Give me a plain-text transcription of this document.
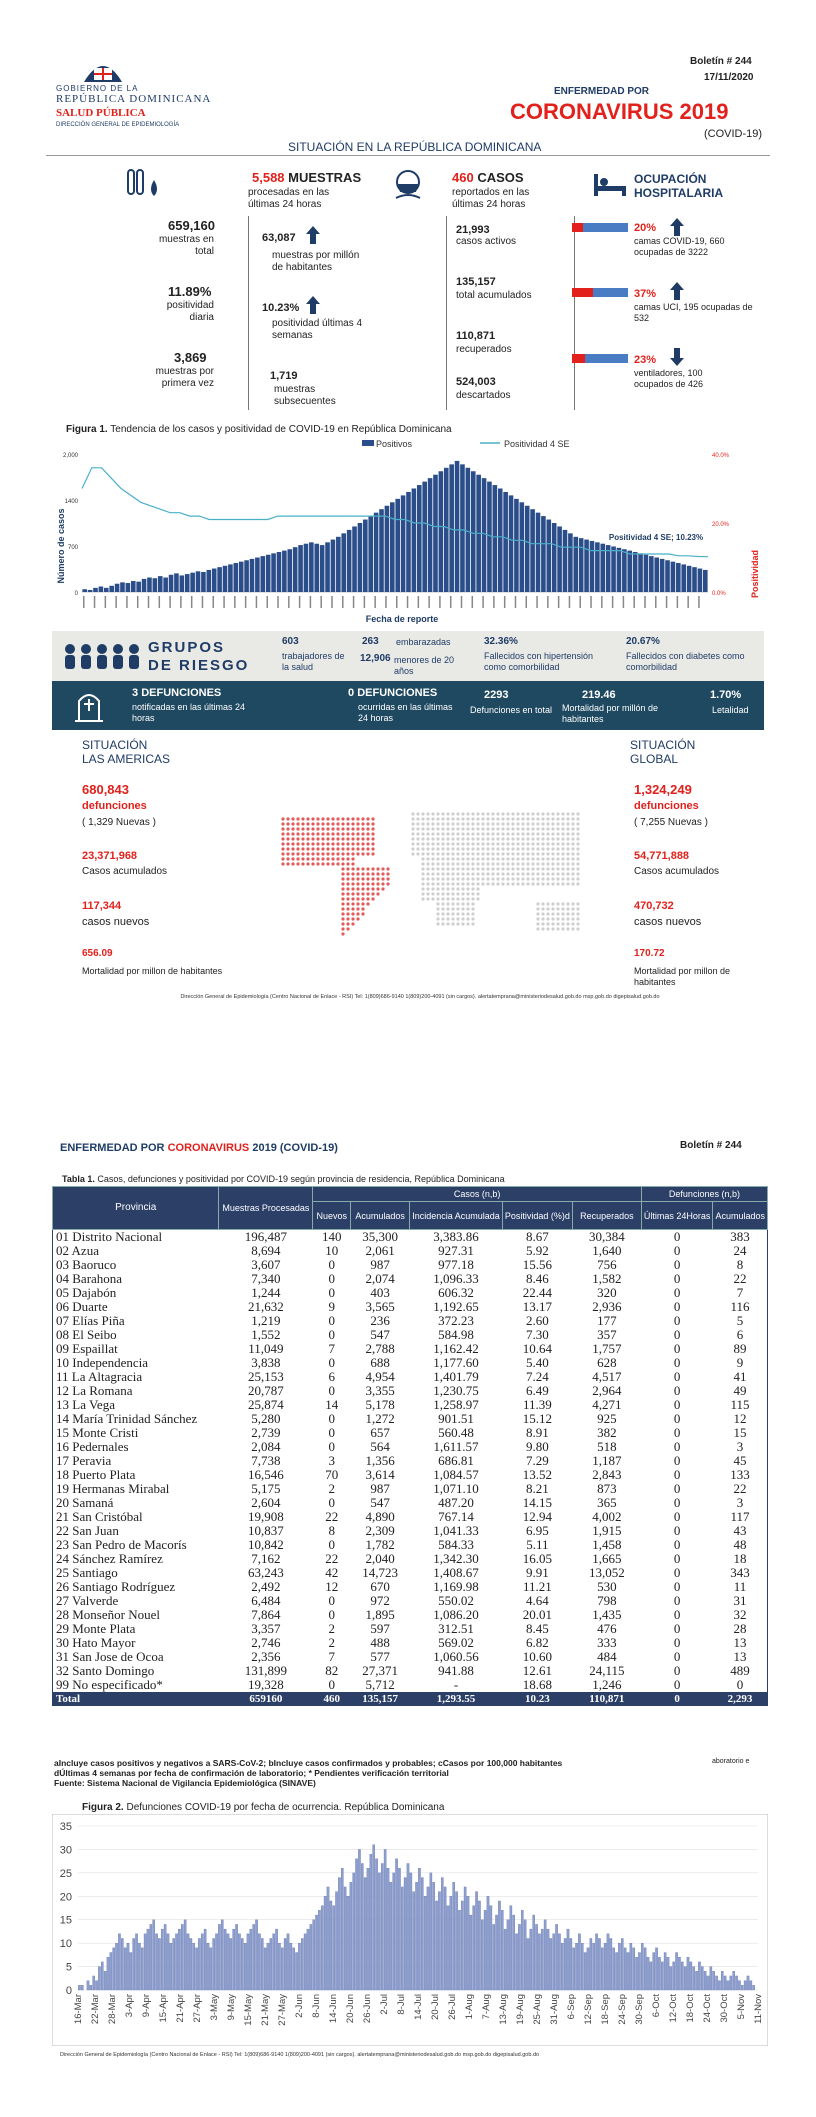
GOBIERNO DE LA
REPÚBLICA DOMINICANA
SALUD PÚBLICA
DIRECCIÓN GENERAL DE EPIDEMIOLOGÍA
Boletín # 244
17/11/2020
ENFERMEDAD POR
CORONAVIRUS 2019
(COVID-19)
SITUACIÓN EN LA REPÚBLICA DOMINICANA
5,588 MUESTRAS
procesadas en las últimas 24 horas
659,160
muestras en total
11.89%
positividad diaria
3,869
muestras por primera vez
63,087
muestras por millón de habitantes
10.23%
positividad últimas 4 semanas
1,719
muestras subsecuentes
460 CASOS
reportados en las últimas 24 horas
21,993
casos activos
135,157
total acumulados
110,871
recuperados
524,003
descartados
OCUPACIÓN HOSPITALARIA
20%
camas COVID-19, 660 ocupadas de 3222
37%
camas UCI, 195 ocupadas de 532
23%
ventiladores, 100 ocupados de 426
Figura 1. Tendencia de los casos y positividad de COVID-19 en República Dominicana
Positivos	Positividad 4 SE
Número de casos	Positividad
Fecha de reporte
Positividad 4 SE; 10.23%
2,000
1400
700
0
40.0%
20.0%
0.0%
GRUPOS
DE RIESGO
603
trabajadores de la salud
263 embarazadas
12,906 menores de 20 años
32.36%
Fallecidos con hipertensión como comorbilidad
20.67%
Fallecidos con diabetes como comorbilidad
3 DEFUNCIONES
notificadas en las últimas 24 horas
0 DEFUNCIONES
ocurridas en las últimas 24 horas
2293
Defunciones en total
219.46
Mortalidad por millón de habitantes
1.70%
Letalidad
SITUACIÓN LAS AMERICAS
680,843
defunciones
( 1,329 Nuevas )
23,371,968
Casos acumulados
117,344
casos nuevos
656.09
Mortalidad por millon de habitantes
SITUACIÓN GLOBAL
1,324,249
defunciones
( 7,255 Nuevas )
54,771,888
Casos acumulados
470,732
casos nuevos
170.72
Mortalidad por millon de habitantes
Dirección General de Epidemiología (Centro Nacional de Enlace - RSI) Tel: 1(809)686-9140 1(809)200-4091 (sin cargos). alertatemprana@ministeriodesalud.gob.do msp.gob.do digepisalud.gob.do
ENFERMEDAD POR CORONAVIRUS 2019 (COVID-19)	Boletín # 244
Tabla 1. Casos, defunciones y positividad por COVID-19 según provincia de residencia, República Dominicana
Provincia	Muestras Procesadas	Casos (n,b)					Defunciones (n,b)	
		Nuevos	Acumulados	Incidencia Acumulada	Positividad (%)d	Recuperados	Últimas 24Horas	Acumulados
01 Distrito Nacional	196,487	140	35,300	3,383.86	8.67	30,384	0	383
02 Azua	8,694	10	2,061	927.31	5.92	1,640	0	24
03 Baoruco	3,607	0	987	977.18	15.56	756	0	8
04 Barahona	7,340	0	2,074	1,096.33	8.46	1,582	0	22
05 Dajabón	1,244	0	403	606.32	22.44	320	0	7
06 Duarte	21,632	9	3,565	1,192.65	13.17	2,936	0	116
07 Elías Piña	1,219	0	236	372.23	2.60	177	0	5
08 El Seibo	1,552	0	547	584.98	7.30	357	0	6
09 Espaillat	11,049	7	2,788	1,162.42	10.64	1,757	0	89
10 Independencia	3,838	0	688	1,177.60	5.40	628	0	9
11 La Altagracia	25,153	6	4,954	1,401.79	7.24	4,517	0	41
12 La Romana	20,787	0	3,355	1,230.75	6.49	2,964	0	49
13 La Vega	25,874	14	5,178	1,258.97	11.39	4,271	0	115
14 María Trinidad Sánchez	5,280	0	1,272	901.51	15.12	925	0	12
15 Monte Cristi	2,739	0	657	560.48	8.91	382	0	15
16 Pedernales	2,084	0	564	1,611.57	9.80	518	0	3
17 Peravia	7,738	3	1,356	686.81	7.29	1,187	0	45
18 Puerto Plata	16,546	70	3,614	1,084.57	13.52	2,843	0	133
19 Hermanas Mirabal	5,175	2	987	1,071.10	8.21	873	0	22
20 Samaná	2,604	0	547	487.20	14.15	365	0	3
21 San Cristóbal	19,908	22	4,890	767.14	12.94	4,002	0	117
22 San Juan	10,837	8	2,309	1,041.33	6.95	1,915	0	43
23 San Pedro de Macorís	10,842	0	1,782	584.33	5.11	1,458	0	48
24 Sánchez Ramírez	7,162	22	2,040	1,342.30	16.05	1,665	0	18
25 Santiago	63,243	42	14,723	1,408.67	9.91	13,052	0	343
26 Santiago Rodríguez	2,492	12	670	1,169.98	11.21	530	0	11
27 Valverde	6,484	0	972	550.02	4.64	798	0	31
28 Monseñor Nouel	7,864	0	1,895	1,086.20	20.01	1,435	0	32
29 Monte Plata	3,357	2	597	312.51	8.45	476	0	28
30 Hato Mayor	2,746	2	488	569.02	6.82	333	0	13
31 San Jose de Ocoa	2,356	7	577	1,060.56	10.60	484	0	13
32 Santo Domingo	131,899	82	27,371	941.88	12.61	24,115	0	489
99 No especificado*	19,328	0	5,712	-	18.68	1,246	0	0
Total	659160	460	135,157	1,293.55	10.23	110,871	0	2,293
aIncluye casos positivos y negativos a SARS-CoV-2; bIncluye casos confirmados y probables; cCasos por 100,000 habitantes
dÚltimas 4 semanas por fecha de confirmación de laboratorio; * Pendientes verificación territorial
Fuente: Sistema Nacional de Vigilancia Epidemiológica (SINAVE)
aboratorio e
Figura 2. Defunciones COVID-19 por fecha de ocurrencia. República Dominicana
35
30
25
20
15
10
5
0
16-Mar 22-Mar 28-Mar 3-Apr 9-Apr 15-Apr 21-Apr 27-Apr 3-May 9-May 15-May 21-May 27-May 2-Jun 8-Jun 14-Jun 20-Jun 26-Jun 2-Jul 8-Jul 14-Jul 20-Jul 26-Jul 1-Aug 7-Aug 13-Aug 19-Aug 25-Aug 31-Aug 6-Sep 12-Sep 18-Sep 24-Sep 30-Sep 6-Oct 12-Oct 18-Oct 24-Oct 30-Oct 5-Nov 11-Nov
Dirección General de Epidemiología (Centro Nacional de Enlace - RSI) Tel: 1(809)686-9140 1(809)200-4091 (sin cargos). alertatemprana@ministeriodesalud.gob.do msp.gob.do digepisalud.gob.do
